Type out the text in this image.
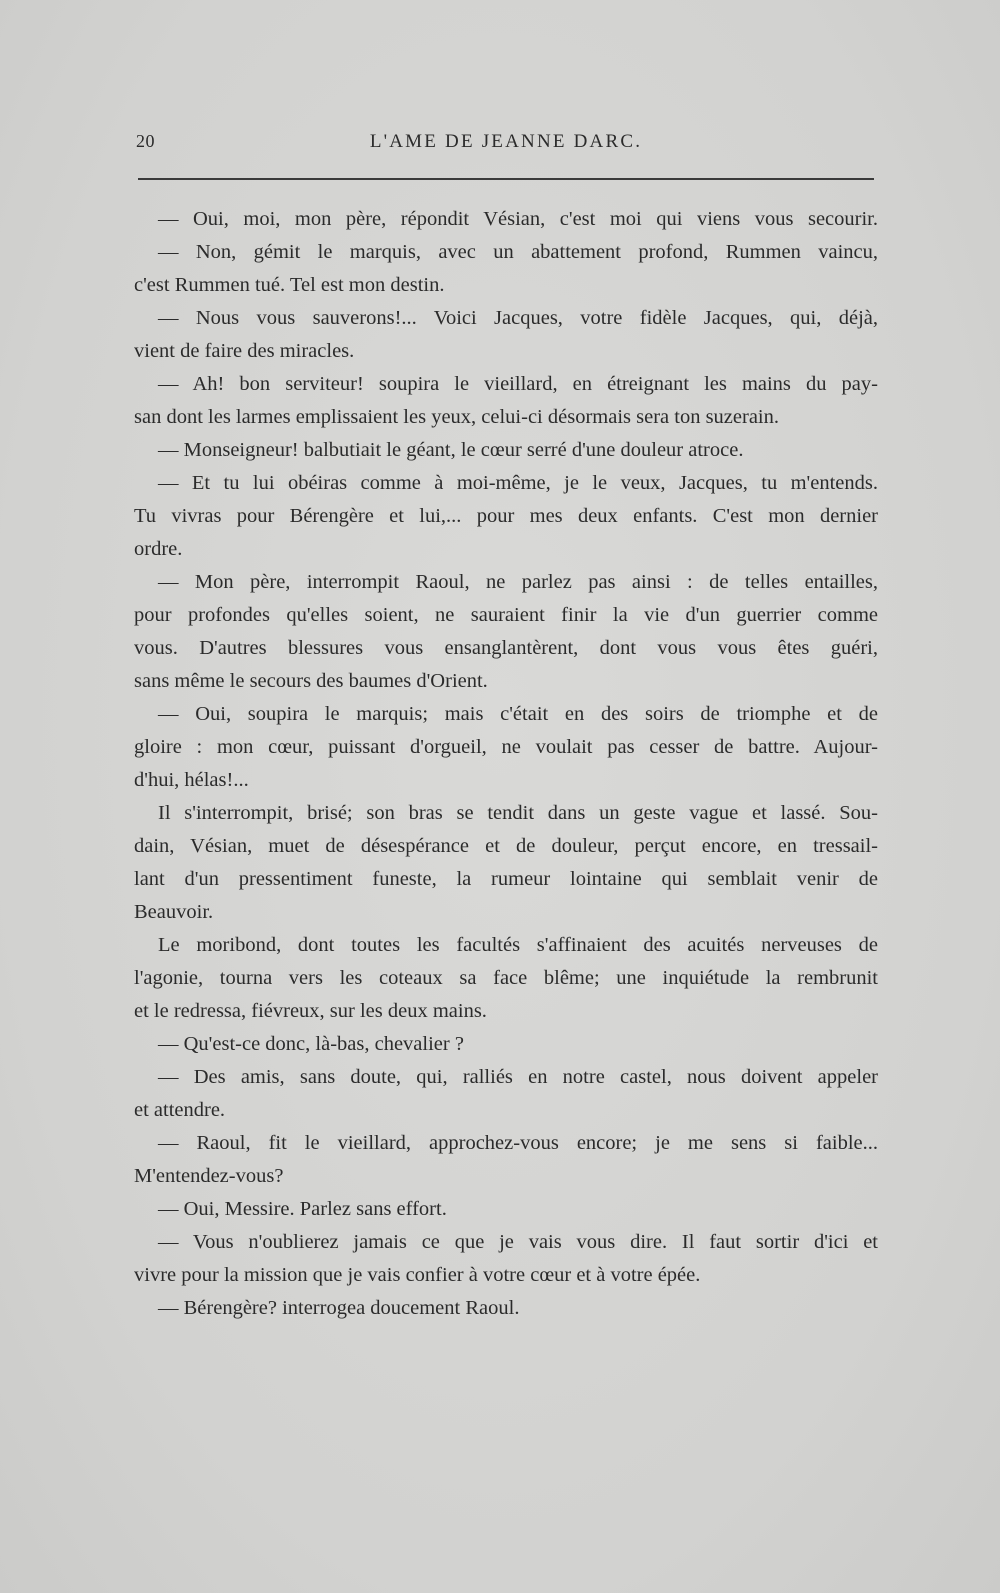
20	L'AME DE JEANNE DARC.
— Oui, moi, mon père, répondit Vésian, c'est moi qui viens vous secourir.
— Non, gémit le marquis, avec un abattement profond, Rummen vaincu,
c'est Rummen tué. Tel est mon destin.
— Nous vous sauverons!... Voici Jacques, votre fidèle Jacques, qui, déjà,
vient de faire des miracles.
— Ah! bon serviteur! soupira le vieillard, en étreignant les mains du pay-
san dont les larmes emplissaient les yeux, celui-ci désormais sera ton suzerain.
— Monseigneur! balbutiait le géant, le cœur serré d'une douleur atroce.
— Et tu lui obéiras comme à moi-même, je le veux, Jacques, tu m'entends.
Tu vivras pour Bérengère et lui,... pour mes deux enfants. C'est mon dernier
ordre.
— Mon père, interrompit Raoul, ne parlez pas ainsi : de telles entailles,
pour profondes qu'elles soient, ne sauraient finir la vie d'un guerrier comme
vous. D'autres blessures vous ensanglantèrent, dont vous vous êtes guéri,
sans même le secours des baumes d'Orient.
— Oui, soupira le marquis; mais c'était en des soirs de triomphe et de
gloire : mon cœur, puissant d'orgueil, ne voulait pas cesser de battre. Aujour-
d'hui, hélas!...
Il s'interrompit, brisé; son bras se tendit dans un geste vague et lassé. Sou-
dain, Vésian, muet de désespérance et de douleur, perçut encore, en tressail-
lant d'un pressentiment funeste, la rumeur lointaine qui semblait venir de
Beauvoir.
Le moribond, dont toutes les facultés s'affinaient des acuités nerveuses de
l'agonie, tourna vers les coteaux sa face blême; une inquiétude la rembrunit
et le redressa, fiévreux, sur les deux mains.
— Qu'est-ce donc, là-bas, chevalier ?
— Des amis, sans doute, qui, ralliés en notre castel, nous doivent appeler
et attendre.
— Raoul, fit le vieillard, approchez-vous encore; je me sens si faible...
M'entendez-vous?
— Oui, Messire. Parlez sans effort.
— Vous n'oublierez jamais ce que je vais vous dire. Il faut sortir d'ici et
vivre pour la mission que je vais confier à votre cœur et à votre épée.
— Bérengère? interrogea doucement Raoul.
